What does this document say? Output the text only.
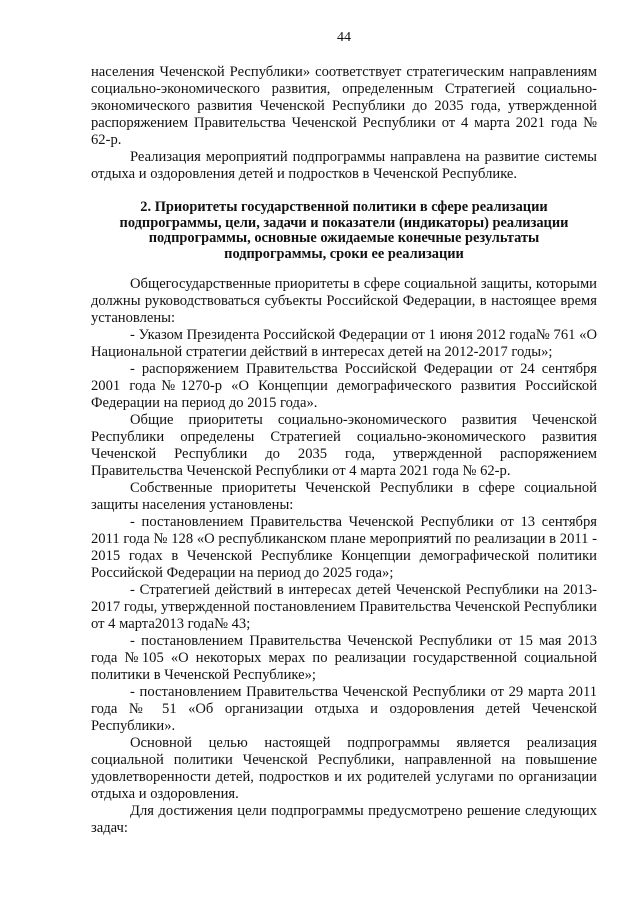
44

населения Чеченской Республики» соответствует стратегическим направлениям социально-экономического развития, определенным Стратегией социально-экономического развития Чеченской Республики до 2035 года, утвержденной распоряжением Правительства Чеченской Республики от 4 марта 2021 года № 62-р.

Реализация мероприятий подпрограммы направлена на развитие системы отдыха и оздоровления детей и подростков в Чеченской Республике.

2. Приоритеты государственной политики в сфере реализации
подпрограммы, цели, задачи и показатели (индикаторы) реализации
подпрограммы, основные ожидаемые конечные результаты
подпрограммы, сроки ее реализации

Общегосударственные приоритеты в сфере социальной защиты, которыми должны руководствоваться субъекты Российской Федерации, в настоящее время установлены:

- Указом Президента Российской Федерации от 1 июня 2012 года№ 761 «О Национальной стратегии действий в интересах детей на 2012-2017 годы»;

- распоряжением Правительства Российской Федерации от 24 сентября 2001 года№1270-р «О Концепции демографического развития Российской Федерации на период до 2015 года».

Общие приоритеты социально-экономического развития Чеченской Республики определены Стратегией социально-экономического развития Чеченской Республики до 2035 года, утвержденной распоряжением Правительства Чеченской Республики от 4 марта 2021 года № 62-р.

Собственные приоритеты Чеченской Республики в сфере социальной защиты населения установлены:

- постановлением Правительства Чеченской Республики от 13 сентября 2011 года № 128 «О республиканском плане мероприятий по реализации в 2011 - 2015 годах в Чеченской Республике Концепции демографической политики Российской Федерации на период до 2025 года»;

- Стратегией действий в интересах детей Чеченской Республики на 2013-2017 годы, утвержденной постановлением Правительства Чеченской Республики от 4 марта2013 года№ 43;

- постановлением Правительства Чеченской Республики от 15 мая 2013 года №105 «О некоторых мерах по реализации государственной социальной политики в Чеченской Республике»;

- постановлением Правительства Чеченской Республики от 29 марта 2011 года № 51 «Об организации отдыха и оздоровления детей Чеченской Республики».

Основной целью настоящей подпрограммы является реализация социальной политики Чеченской Республики, направленной на повышение удовлетворенности детей, подростков и их родителей услугами по организации отдыха и оздоровления.

Для достижения цели подпрограммы предусмотрено решение следующих задач:
